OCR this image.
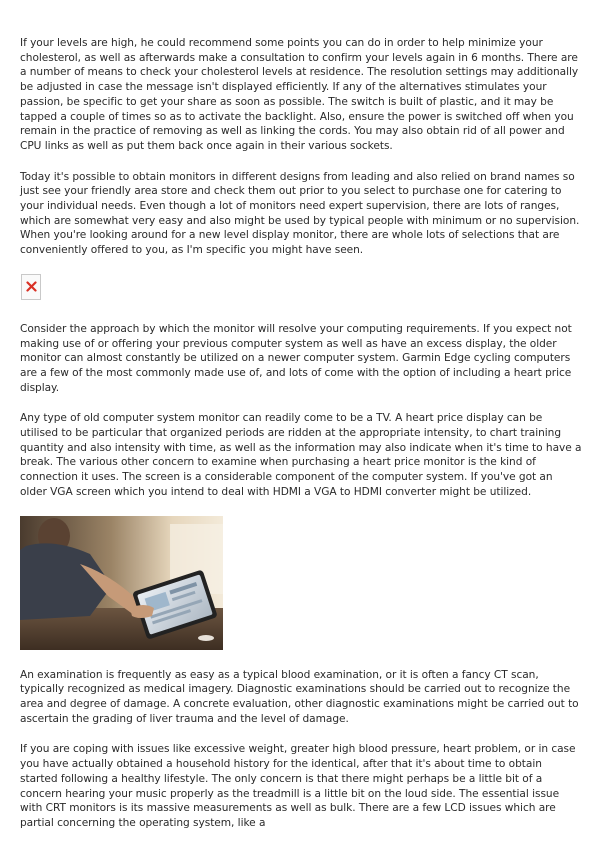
If your levels are high, he could recommend some points you can do in order to help minimize your cholesterol, as well as afterwards make a consultation to confirm your levels again in 6 months. There are a number of means to check your cholesterol levels at residence. The resolution settings may additionally be adjusted in case the message isn't displayed efficiently. If any of the alternatives stimulates your passion, be specific to get your share as soon as possible. The switch is built of plastic, and it may be tapped a couple of times so as to activate the backlight. Also, ensure the power is switched off when you remain in the practice of removing as well as linking the cords. You may also obtain rid of all power and CPU links as well as put them back once again in their various sockets.

Today it's possible to obtain monitors in different designs from leading and also relied on brand names so just see your friendly area store and check them out prior to you select to purchase one for catering to your individual needs. Even though a lot of monitors need expert supervision, there are lots of ranges, which are somewhat very easy and also might be used by typical people with minimum or no supervision. When you're looking around for a new level display monitor, there are whole lots of selections that are conveniently offered to you, as I'm specific you might have seen.

Consider the approach by which the monitor will resolve your computing requirements. If you expect not making use of or offering your previous computer system as well as have an excess display, the older monitor can almost constantly be utilized on a newer computer system. Garmin Edge cycling computers are a few of the most commonly made use of, and lots of come with the option of including a heart price display.

Any type of old computer system monitor can readily come to be a TV. A heart price display can be utilised to be particular that organized periods are ridden at the appropriate intensity, to chart training quantity and also intensity with time, as well as the information may also indicate when it's time to have a break. The various other concern to examine when purchasing a heart price monitor is the kind of connection it uses. The screen is a considerable component of the computer system. If you've got an older VGA screen which you intend to deal with HDMI a VGA to HDMI converter might be utilized.

An examination is frequently as easy as a typical blood examination, or it is often a fancy CT scan, typically recognized as medical imagery. Diagnostic examinations should be carried out to recognize the area and degree of damage. A concrete evaluation, other diagnostic examinations might be carried out to ascertain the grading of liver trauma and the level of damage.

If you are coping with issues like excessive weight, greater high blood pressure, heart problem, or in case you have actually obtained a household history for the identical, after that it's about time to obtain started following a healthy lifestyle. The only concern is that there might perhaps be a little bit of a concern hearing your music properly as the treadmill is a little bit on the loud side. The essential issue with CRT monitors is its massive measurements as well as bulk. There are a few LCD issues which are partial concerning the operating system, like a
